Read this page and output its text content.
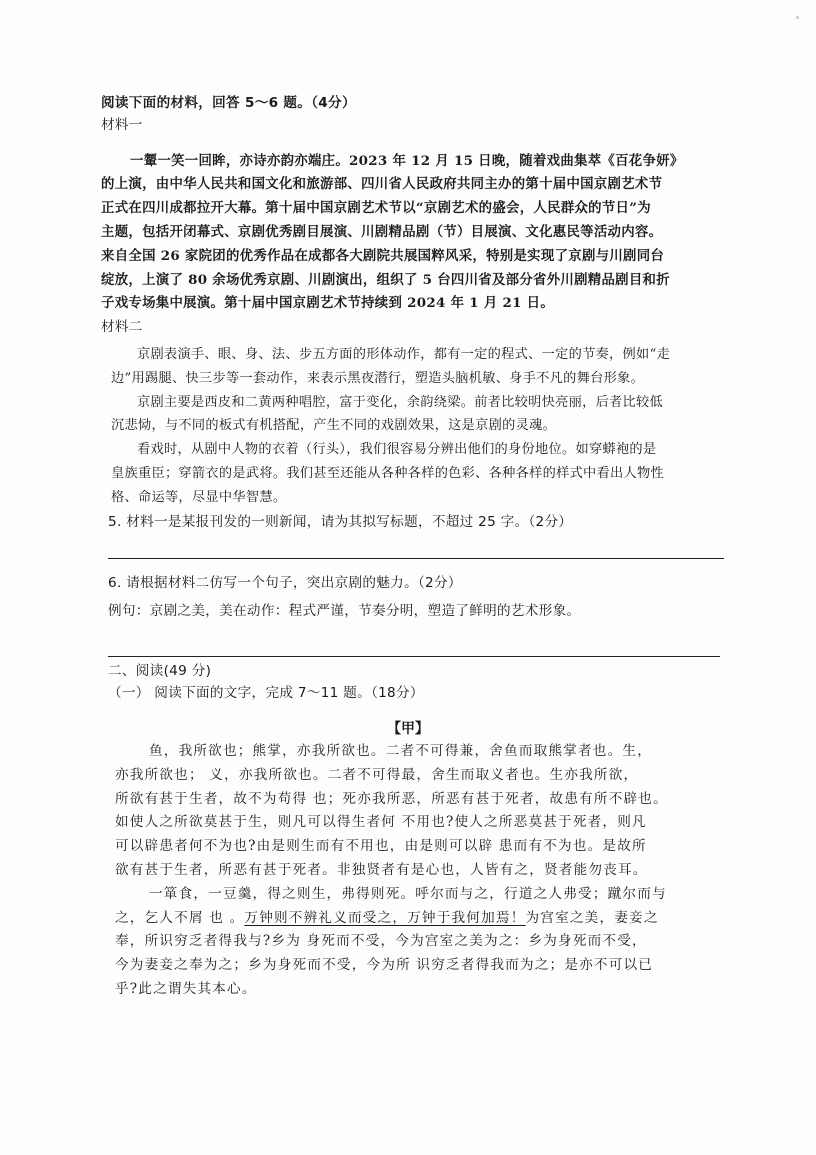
阅读下面的材料，回答 5～6 题。（4分）
材料一
一颦一笑一回眸，亦诗亦韵亦端庄。2023 年 12 月 15 日晚，随着戏曲集萃《百花争妍》
的上演，由中华人民共和国文化和旅游部、四川省人民政府共同主办的第十届中国京剧艺术节
正式在四川成都拉开大幕。第十届中国京剧艺术节以“京剧艺术的盛会，人民群众的节日”为
主题，包括开闭幕式、京剧优秀剧目展演、川剧精品剧（节）目展演、文化惠民等活动内容。
来自全国 26 家院团的优秀作品在成都各大剧院共展国粹风采，特别是实现了京剧与川剧同台
绽放，上演了 80 余场优秀京剧、川剧演出，组织了 5 台四川省及部分省外川剧精品剧目和折
子戏专场集中展演。第十届中国京剧艺术节持续到 2024 年 1 月 21 日。
材料二
京剧表演手、眼、身、法、步五方面的形体动作，都有一定的程式、一定的节奏，例如“走
边”用踢腿、快三步等一套动作，来表示黑夜潜行，塑造头脑机敏、身手不凡的舞台形象。
京剧主要是西皮和二黄两种唱腔，富于变化，余韵绕梁。前者比较明快亮丽，后者比较低
沉悲恸，与不同的板式有机搭配，产生不同的戏剧效果，这是京剧的灵魂。
看戏时，从剧中人物的衣着（行头），我们很容易分辨出他们的身份地位。如穿蟒袍的是
皇族重臣；穿箭衣的是武将。我们甚至还能从各种各样的色彩、各种各样的样式中看出人物性
格、命运等，尽显中华智慧。
5. 材料一是某报刊发的一则新闻，请为其拟写标题，不超过 25 字。（2分）
6. 请根据材料二仿写一个句子，突出京剧的魅力。（2分）
例句：京剧之美，美在动作：程式严谨，节奏分明，塑造了鲜明的艺术形象。
二、阅读(49 分)
（一） 阅读下面的文字，完成 7～11 题。（18分）
【甲】
鱼，我所欲也；熊掌，亦我所欲也。二者不可得兼，舍鱼而取熊掌者也。生，
亦我所欲也； 义，亦我所欲也。二者不可得最，舍生而取义者也。生亦我所欲，
所欲有甚于生者，故不为苟得 也；死亦我所恶，所恶有甚于死者，故患有所不辟也。
如使人之所欲莫甚于生，则凡可以得生者何 不用也?使人之所恶莫甚于死者，则凡
可以辟患者何不为也?由是则生而有不用也，由是则可以辟 患而有不为也。是故所
欲有甚于生者，所恶有甚于死者。非独贤者有是心也，人皆有之，贤者能勿丧耳。
一箪食，一豆羹，得之则生，弗得则死。呼尔而与之，行道之人弗受；蹴尔而与
之，乞人不屑 也 。万钟则不辨礼义而受之，万钟于我何加焉！为宫室之美，妻妾之
奉，所识穷乏者得我与?乡为 身死而不受，今为宫室之美为之：乡为身死而不受，
今为妻妾之奉为之；乡为身死而不受，今为所 识穷乏者得我而为之；是亦不可以已
乎?此之谓失其本心。
